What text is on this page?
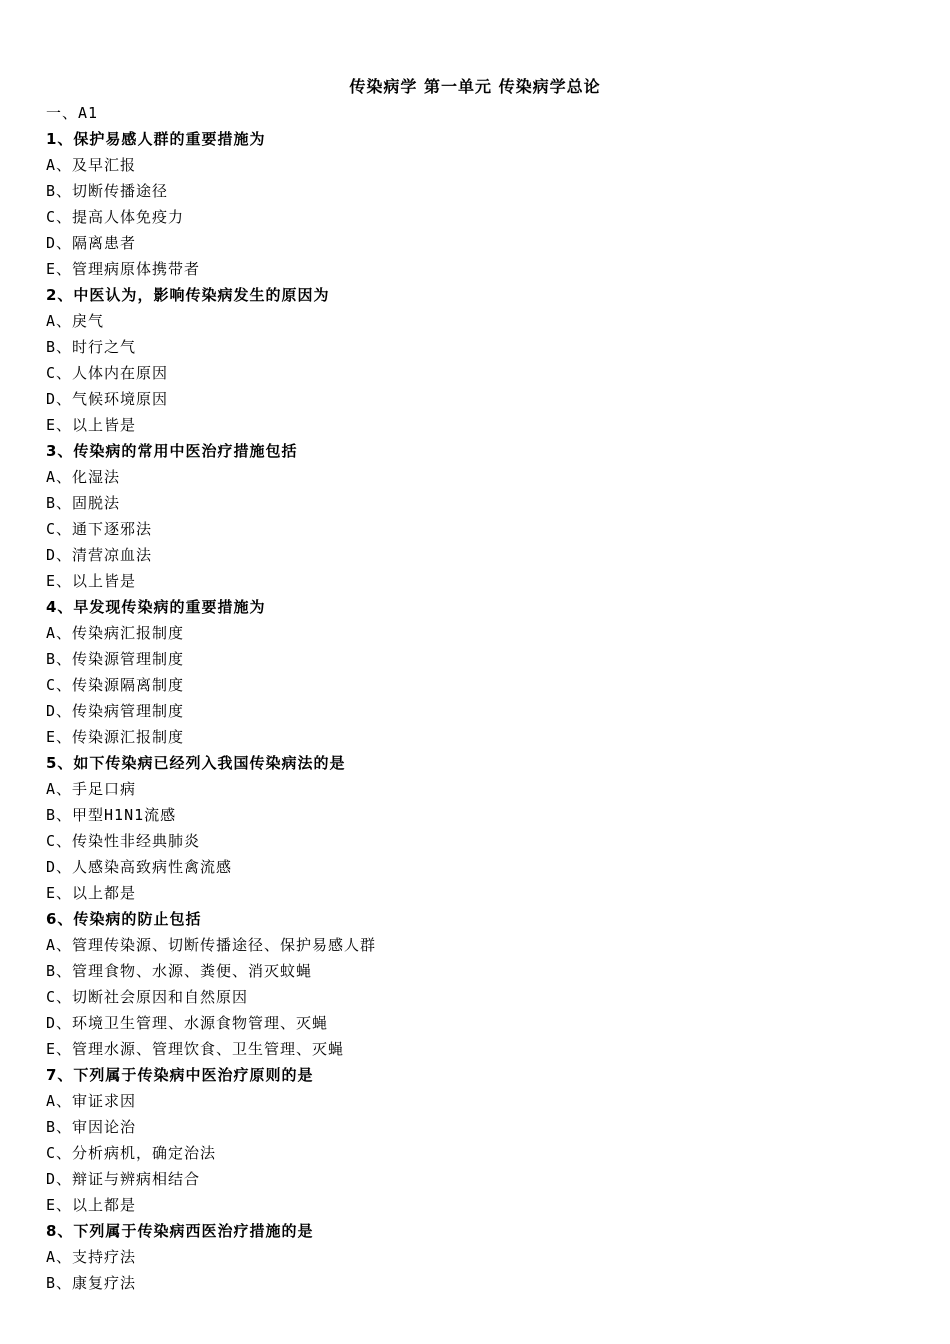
传染病学 第一单元 传染病学总论
一、A1
1、保护易感人群的重要措施为
A、及早汇报
B、切断传播途径
C、提高人体免疫力
D、隔离患者
E、管理病原体携带者
2、中医认为，影响传染病发生的原因为
A、戾气
B、时行之气
C、人体内在原因
D、气候环境原因
E、以上皆是
3、传染病的常用中医治疗措施包括
A、化湿法
B、固脱法
C、通下逐邪法
D、清营凉血法
E、以上皆是
4、早发现传染病的重要措施为
A、传染病汇报制度
B、传染源管理制度
C、传染源隔离制度
D、传染病管理制度
E、传染源汇报制度
5、如下传染病已经列入我国传染病法的是
A、手足口病
B、甲型H1N1流感
C、传染性非经典肺炎
D、人感染高致病性禽流感
E、以上都是
6、传染病的防止包括
A、管理传染源、切断传播途径、保护易感人群
B、管理食物、水源、粪便、消灭蚊蝇
C、切断社会原因和自然原因
D、环境卫生管理、水源食物管理、灭蝇
E、管理水源、管理饮食、卫生管理、灭蝇
7、下列属于传染病中医治疗原则的是
A、审证求因
B、审因论治
C、分析病机，确定治法
D、辩证与辨病相结合
E、以上都是
8、下列属于传染病西医治疗措施的是
A、支持疗法
B、康复疗法
